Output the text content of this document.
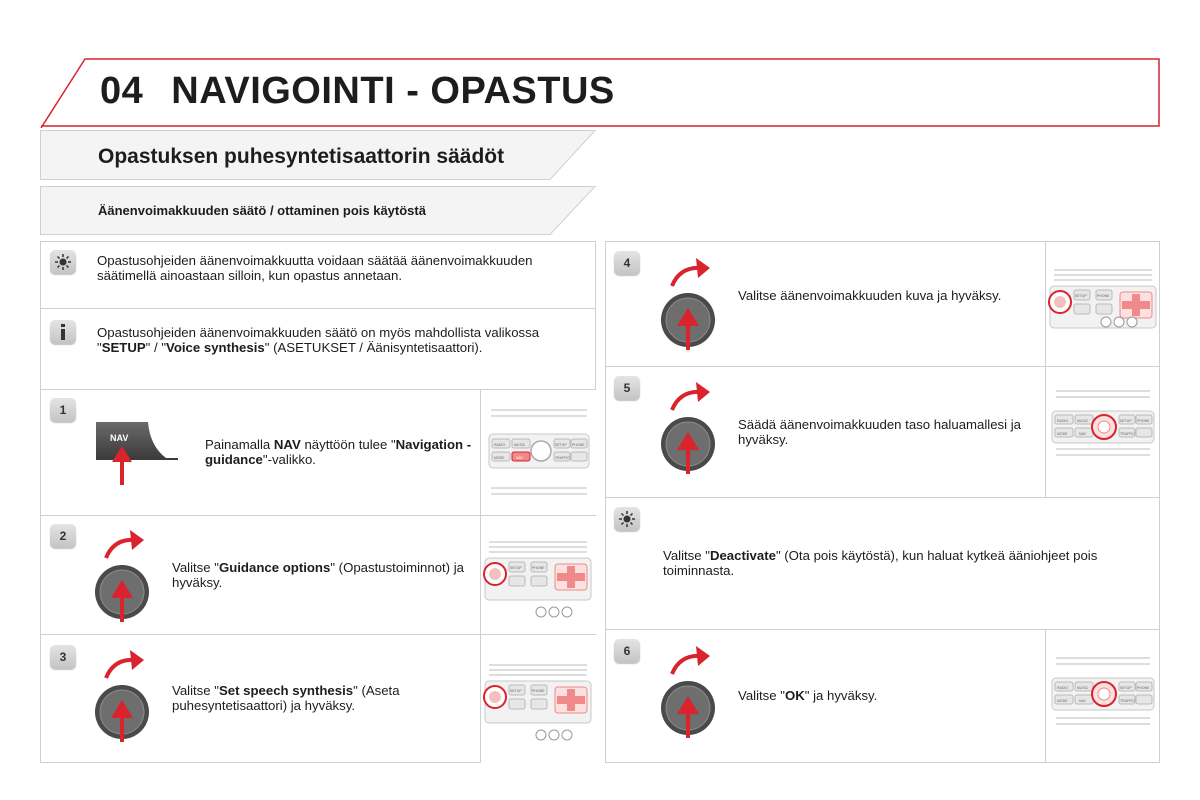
04 NAVIGOINTI - OPASTUS
Opastuksen puhesyntetisaattorin säädöt
Äänenvoimakkuuden säätö / ottaminen pois käytöstä
Opastusohjeiden äänenvoimakkuutta voidaan säätää äänenvoimakkuuden säätimellä ainoastaan silloin, kun opastus annetaan.
Opastusohjeiden äänenvoimakkuuden säätö on myös mahdollista valikossa "SETUP" / "Voice synthesis" (ASETUKSET / Äänisyntetisaattori).
1
NAV	Painamalla NAV näyttöön tulee "Navigation - guidance"-valikko.
RADIO	MUSIC
MODE	NAV
SETUP PHONE
TRAFFIC
2
Valitse "Guidance options" (Opastustoiminnot) ja hyväksy.
SETUP	PHONE
3
Valitse "Set speech synthesis" (Aseta puhesyntetisaattori) ja hyväksy.
SETUP	PHONE
4
Valitse äänenvoimakkuuden kuva ja hyväksy.	SETUP	PHONE
5
Säädä äänenvoimakkuuden taso haluamallesi ja hyväksy.
RADIO	MUSIC
MODE	NAV
SETUP PHONE
TRAFFIC
Valitse "Deactivate" (Ota pois käytöstä), kun haluat kytkeä ääniohjeet pois toiminnasta.
6
Valitse "OK" ja hyväksy.	RADIO	MUSIC
MODE	NAV
SETUP PHONE
TRAFFIC
